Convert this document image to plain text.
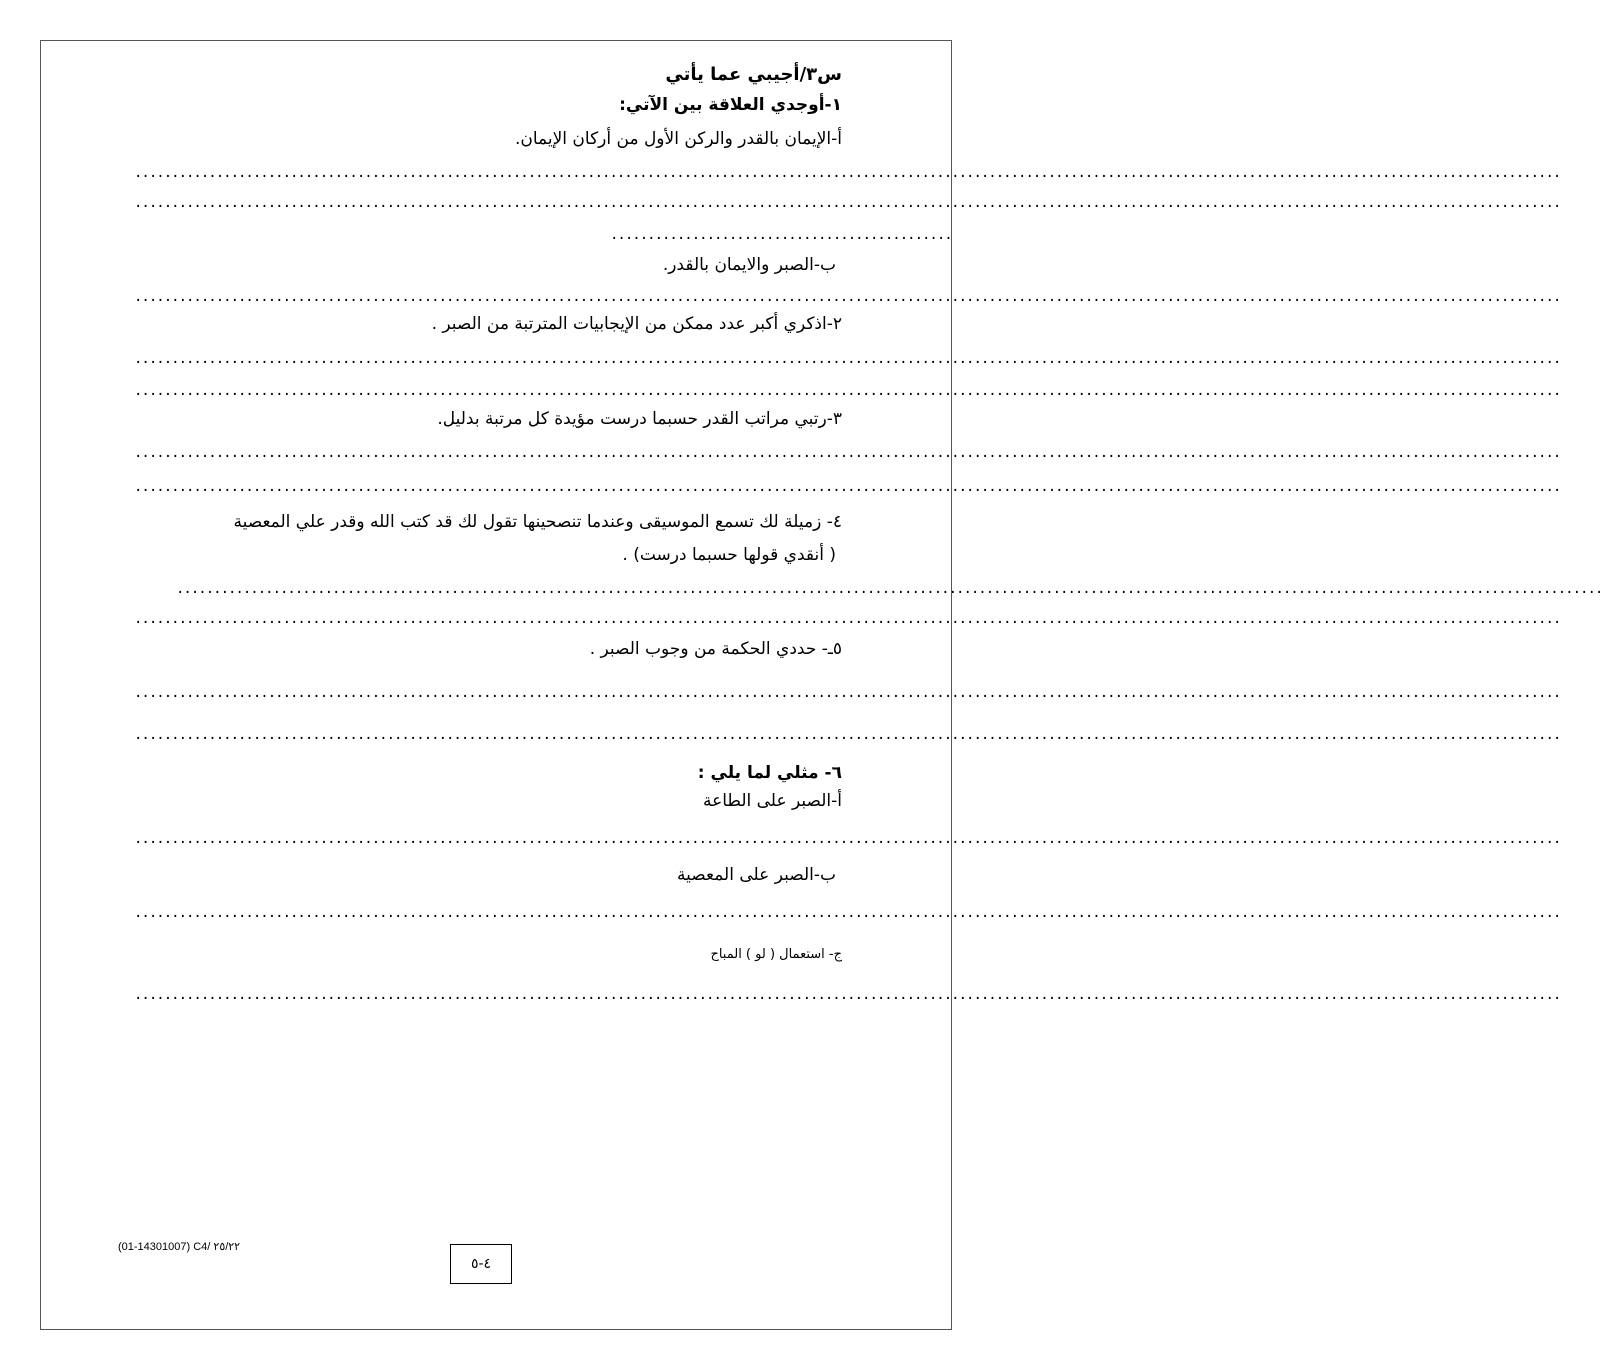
س٣/أجيبي عما يأتي
١-أوجدي العلاقة بين الآتي:
أ-الإيمان بالقدر والركن الأول من أركان الإيمان.
................................................................................................................................................................................................
................................................................................................................................................................................................
..............................................
ب-الصبر والايمان بالقدر.
................................................................................................................................................................................................
٢-اذكري أكبر عدد ممكن من الإيجابيات المترتبة من الصبر .
................................................................................................................................................................................................
................................................................................................................................................................................................
٣-رتبي مراتب القدر حسبما درست مؤيدة كل مرتبة بدليل.
................................................................................................................................................................................................
................................................................................................................................................................................................
٤- زميلة لك تسمع الموسيقى وعندما تنصحينها تقول لك قد كتب الله وقدر علي المعصية
( أنقدي قولها حسبما درست) .
................................................................................................................................................................................................
................................................................................................................................................................................................
٥ـ- حددي الحكمة من وجوب الصبر .
................................................................................................................................................................................................
................................................................................................................................................................................................
٦- مثلي لما يلي :
أ-الصبر على الطاعة
................................................................................................................................................................................................
ب-الصبر على المعصية
................................................................................................................................................................................................
ج- استعمال ( لو ) المباح
................................................................................................................................................................................................
(01-14301007) C4/ ٢٥/٢٢
٤-٥
